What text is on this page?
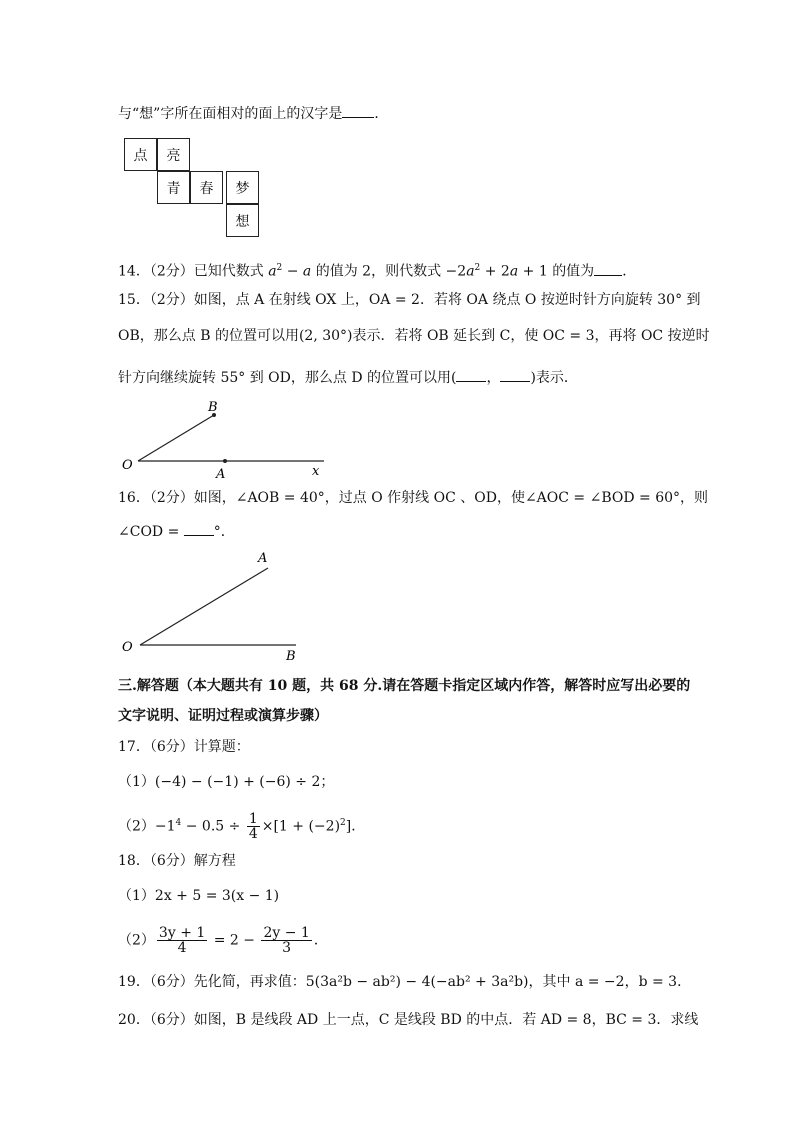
与“想”字所在面相对的面上的汉字是 ．
点	亮
青	春	梦
想
14．（2分）已知代数式 $a^2 - a$ 的值为 2，则代数式 $-2a^2 + 2a + 1$ 的值为 ．
15．（2分）如图，点 A 在射线 OX 上，OA = 2．若将 OA 绕点 O 按逆时针方向旋转 30° 到
OB，那么点 B 的位置可以用(2, 30°)表示．若将 OB 延长到 C，使 OC = 3，再将 OC 按逆时
针方向继续旋转 55° 到 OD，那么点 D 的位置可以用( ， )表示．
B
O
A	x
16．（2分）如图，∠AOB = 40°，过点 O 作射线 OC 、OD，使∠AOC = ∠BOD = 60°，则
∠COD = °．
A
O
B
三.解答题（本大题共有 10 题，共 68 分.请在答题卡指定区域内作答，解答时应写出必要的
文字说明、证明过程或演算步骤）
17．（6分）计算题：
（1）(−4) − (−1) + (−6) ÷ 2；
$(2)-1^4 - 0.5 \div \frac{1}{4} \times[1 + (-2)^2]$．
18．（6分）解方程
（1）2x + 5 = 3(x − 1)
$(2) \frac{3y + 1}{4} = 2 - \frac{2y - 1}{3}$ ．
19．（6分）先化简，再求值：5(3a²b − ab²) − 4(−ab² + 3a²b)，其中 a = −2，b = 3．
20．（6分）如图，B 是线段 AD 上一点，C 是线段 BD 的中点．若 AD = 8，BC = 3．求线
